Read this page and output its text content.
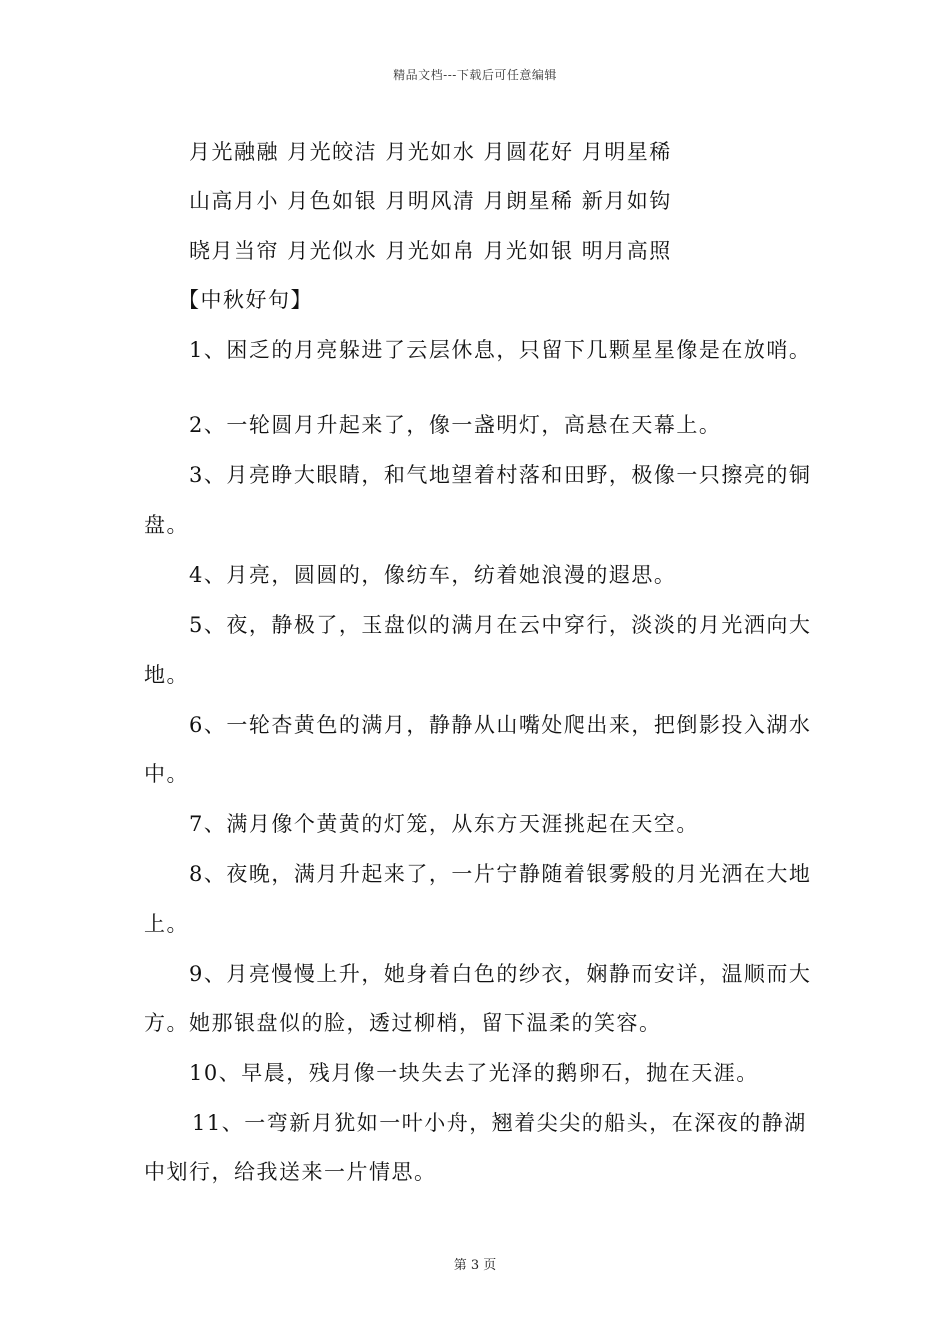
精品文档---下载后可任意编辑
月光融融 月光皎洁 月光如水 月圆花好 月明星稀
山高月小 月色如银 月明风清 月朗星稀 新月如钩
晓月当帘 月光似水 月光如帛 月光如银 明月高照
【中秋好句】
1、困乏的月亮躲进了云层休息，只留下几颗星星像是在放哨。
2、一轮圆月升起来了，像一盏明灯，高悬在天幕上。
3、月亮睁大眼睛，和气地望着村落和田野，极像一只擦亮的铜
盘。
4、月亮，圆圆的，像纺车，纺着她浪漫的遐思。
5、夜，静极了，玉盘似的满月在云中穿行，淡淡的月光洒向大
地。
6、一轮杏黄色的满月，静静从山嘴处爬出来，把倒影投入湖水
中。
7、满月像个黄黄的灯笼，从东方天涯挑起在天空。
8、夜晚，满月升起来了，一片宁静随着银雾般的月光洒在大地
上。
9、月亮慢慢上升，她身着白色的纱衣，娴静而安详，温顺而大
方。她那银盘似的脸，透过柳梢，留下温柔的笑容。
10、早晨，残月像一块失去了光泽的鹅卵石，抛在天涯。
11、一弯新月犹如一叶小舟，翘着尖尖的船头，在深夜的静湖
中划行，给我送来一片情思。
第 3 页
